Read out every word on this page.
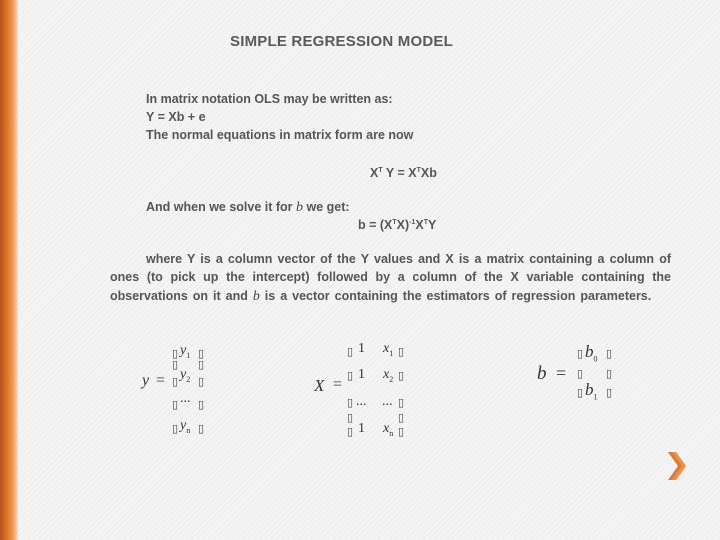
SIMPLE REGRESSION MODEL
In matrix notation OLS may be written as:
Y = Xb + e
The normal equations in matrix form are now
$X^T$ $Y = X^TXb$
And when we solve it for b we get:
$b = (X^TX)^{-1}X^TY$
where Y is a column vector of the Y values and X is a matrix containing a column of ones (to pick up the intercept) followed by a column of the X variable containing the observations on it and b is a vector containing the estimators of regression parameters.
y =
▯
▯
▯
▯
▯
$y_1$
$y_2$
...
$y_n$
▯
▯
▯
▯
▯
X =
▯
▯
▯
▯
▯
1
1
...
1
$x_1$
$x_2$
...
$x_n$
▯
▯
▯
▯
▯
b =
▯
▯
▯
$b_0$
$b_1$
▯
▯
▯
